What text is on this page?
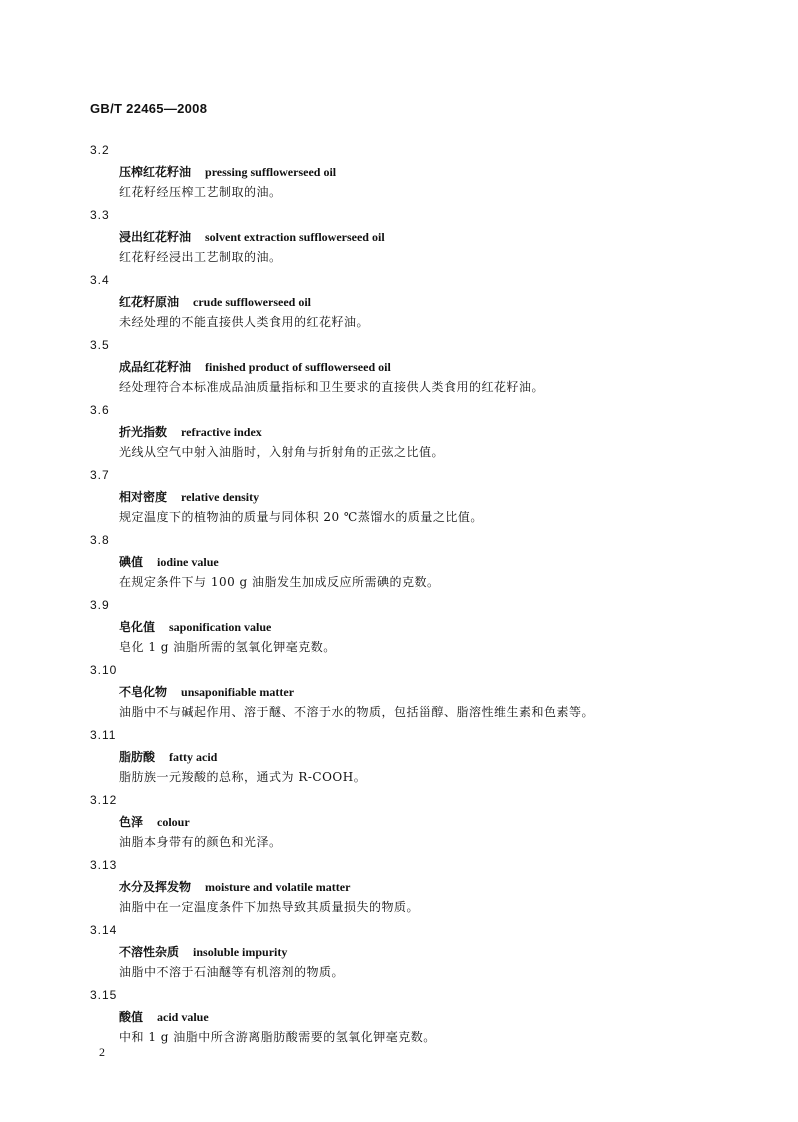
GB/T 22465—2008
3.2
压榨红花籽油 pressing sufflowerseed oil
红花籽经压榨工艺制取的油。
3.3
浸出红花籽油 solvent extraction sufflowerseed oil
红花籽经浸出工艺制取的油。
3.4
红花籽原油 crude sufflowerseed oil
未经处理的不能直接供人类食用的红花籽油。
3.5
成品红花籽油 finished product of sufflowerseed oil
经处理符合本标准成品油质量指标和卫生要求的直接供人类食用的红花籽油。
3.6
折光指数 refractive index
光线从空气中射入油脂时，入射角与折射角的正弦之比值。
3.7
相对密度 relative density
规定温度下的植物油的质量与同体积 20 ℃蒸馏水的质量之比值。
3.8
碘值 iodine value
在规定条件下与 100 g 油脂发生加成反应所需碘的克数。
3.9
皂化值 saponification value
皂化 1 g 油脂所需的氢氧化钾毫克数。
3.10
不皂化物 unsaponifiable matter
油脂中不与碱起作用、溶于醚、不溶于水的物质，包括甾醇、脂溶性维生素和色素等。
3.11
脂肪酸 fatty acid
脂肪族一元羧酸的总称，通式为 R-COOH。
3.12
色泽 colour
油脂本身带有的颜色和光泽。
3.13
水分及挥发物 moisture and volatile matter
油脂中在一定温度条件下加热导致其质量损失的物质。
3.14
不溶性杂质 insoluble impurity
油脂中不溶于石油醚等有机溶剂的物质。
3.15
酸值 acid value
中和 1 g 油脂中所含游离脂肪酸需要的氢氧化钾毫克数。
2
